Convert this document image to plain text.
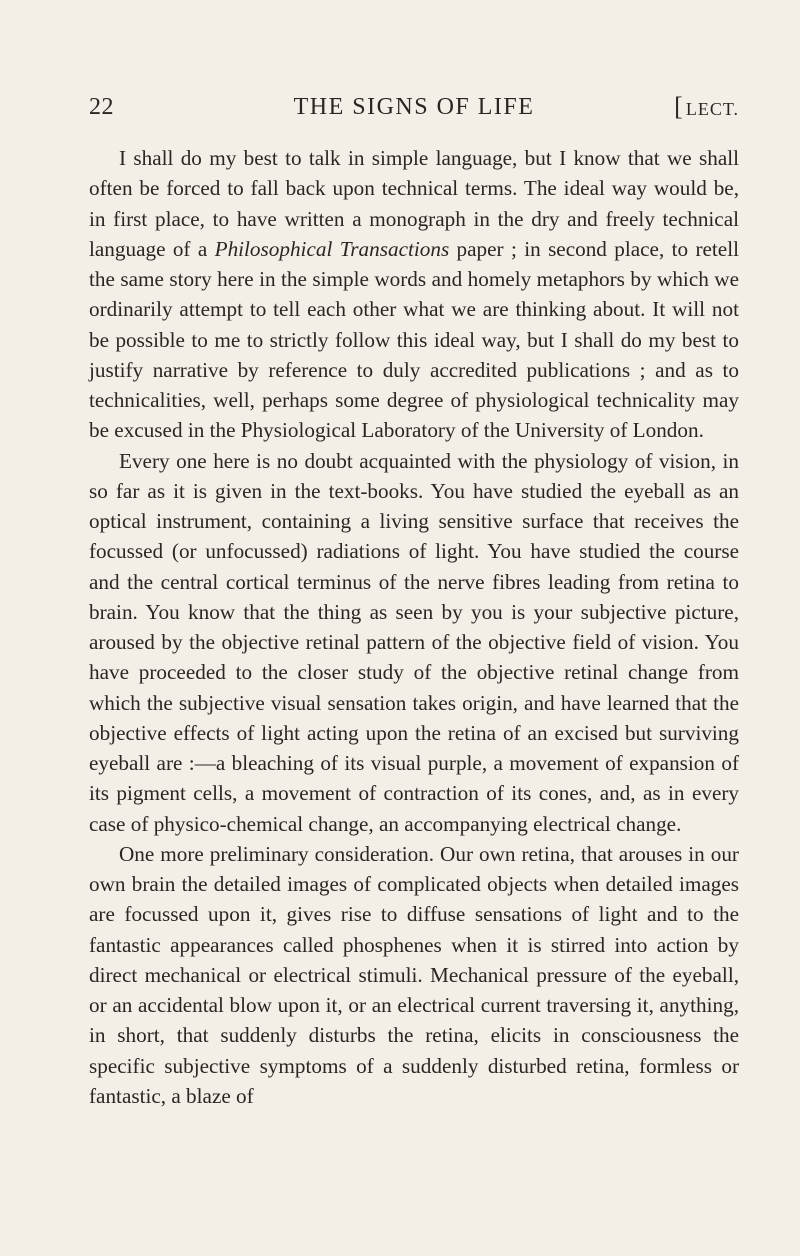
22	THE SIGNS OF LIFE	[ LECT.

I shall do my best to talk in simple language, but I know that we shall often be forced to fall back upon technical terms. The ideal way would be, in first place, to have written a monograph in the dry and freely technical language of a Philosophical Transactions paper ; in second place, to retell the same story here in the simple words and homely metaphors by which we ordinarily attempt to tell each other what we are thinking about. It will not be possible to me to strictly follow this ideal way, but I shall do my best to justify narrative by reference to duly accredited publications ; and as to technicalities, well, perhaps some degree of physiological technicality may be excused in the Physiological Laboratory of the University of London.

Every one here is no doubt acquainted with the physiology of vision, in so far as it is given in the text-books. You have studied the eyeball as an optical instrument, containing a living sensitive surface that receives the focussed (or unfocussed) radiations of light. You have studied the course and the central cortical terminus of the nerve fibres leading from retina to brain. You know that the thing as seen by you is your subjective picture, aroused by the objective retinal pattern of the objective field of vision. You have proceeded to the closer study of the objective retinal change from which the subjective visual sensation takes origin, and have learned that the objective effects of light acting upon the retina of an excised but surviving eyeball are :—a bleaching of its visual purple, a movement of expansion of its pigment cells, a movement of contraction of its cones, and, as in every case of physico-chemical change, an accompanying electrical change.

One more preliminary consideration. Our own retina, that arouses in our own brain the detailed images of complicated objects when detailed images are focussed upon it, gives rise to diffuse sensations of light and to the fantastic appearances called phosphenes when it is stirred into action by direct mechanical or electrical stimuli. Mechanical pressure of the eyeball, or an accidental blow upon it, or an electrical current traversing it, anything, in short, that suddenly disturbs the retina, elicits in consciousness the specific subjective symptoms of a suddenly disturbed retina, formless or fantastic, a blaze of
